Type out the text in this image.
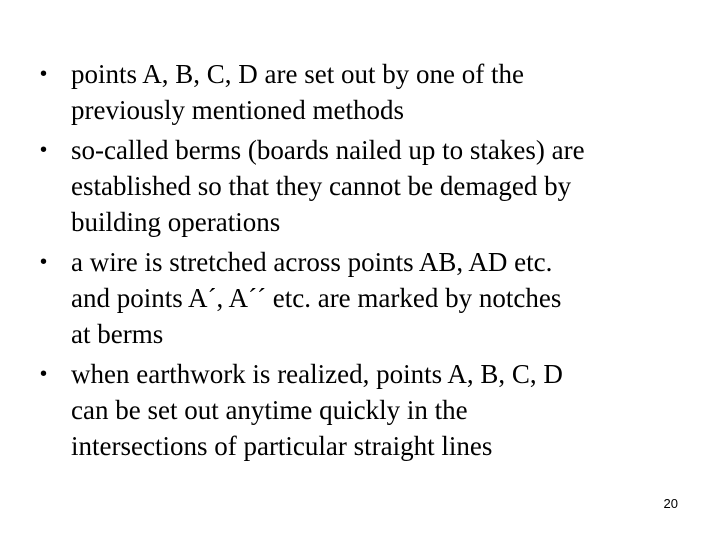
• points A, B, C, D are set out by one of the
previously mentioned methods
• so-called berms (boards nailed up to stakes) are
established so that they cannot be demaged by
building operations
• a wire is stretched across points AB, AD etc.
and points A´, A´´ etc. are marked by notches
at berms
• when earthwork is realized, points A, B, C, D
can be set out anytime quickly in the
intersections of particular straight lines
20
